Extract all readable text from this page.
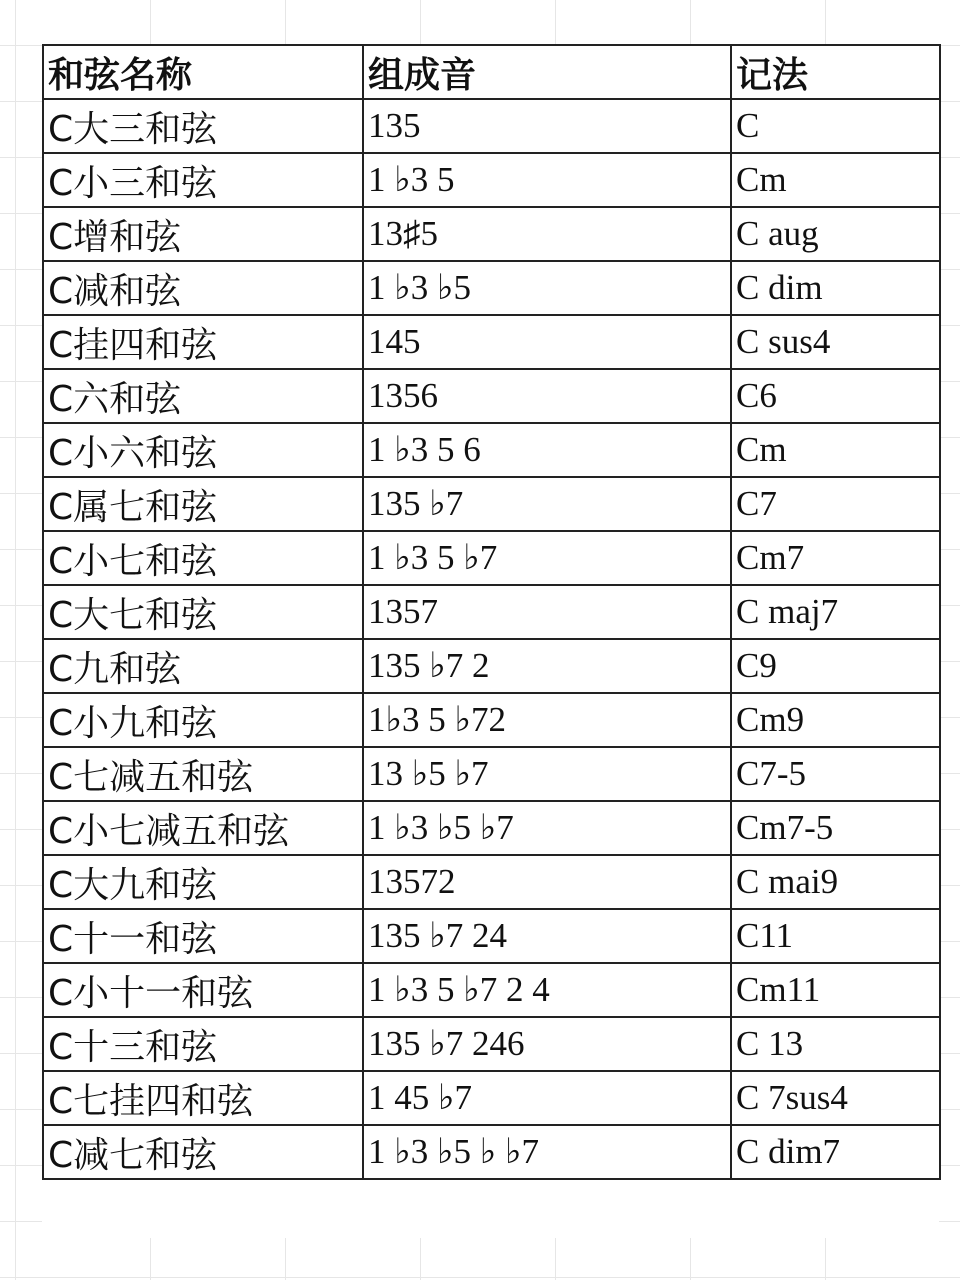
和弦名称	组成音	记法
C大三和弦	135	C
C小三和弦	1 ♭3 5	Cm
C增和弦	13♯5	C aug
C减和弦	1 ♭3 ♭5	C dim
C挂四和弦	145	C sus4
C六和弦	1356	C6
C小六和弦	1 ♭3 5 6	Cm
C属七和弦	135 ♭7	C7
C小七和弦	1 ♭3 5 ♭7	Cm7
C大七和弦	1357	C maj7
C九和弦	135 ♭7 2	C9
C小九和弦	1♭3 5 ♭72	Cm9
C七减五和弦	13 ♭5 ♭7	C7-5
C小七减五和弦	1 ♭3 ♭5 ♭7	Cm7-5
C大九和弦	13572	C mai9
C十一和弦	135 ♭7 24	C11
C小十一和弦	1 ♭3 5 ♭7 2 4	Cm11
C十三和弦	135 ♭7 246	C 13
C七挂四和弦	1 45 ♭7	C 7sus4
C减七和弦	1 ♭3 ♭5 ♭ ♭7	C dim7
